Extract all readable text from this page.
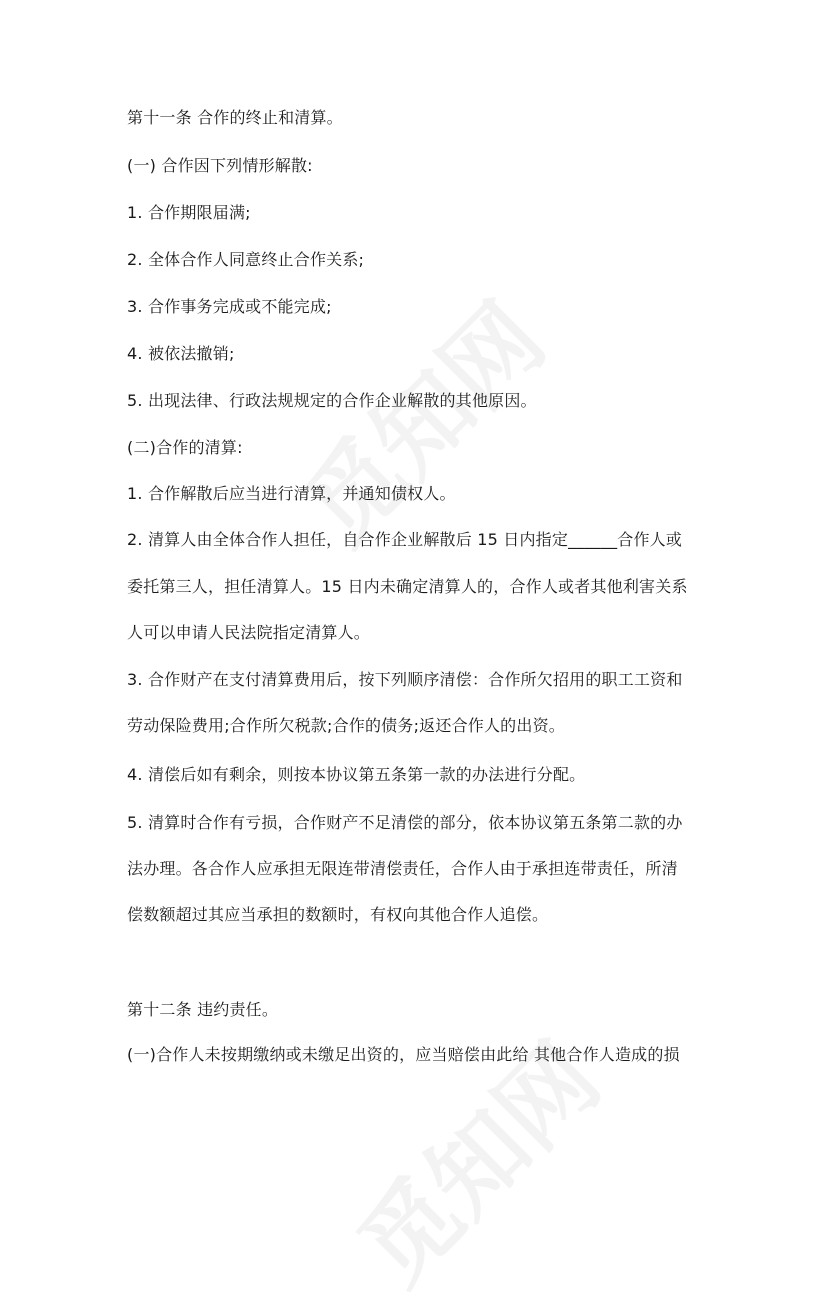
第十一条 合作的终止和清算。

(一) 合作因下列情形解散:

1. 合作期限届满;

2. 全体合作人同意终止合作关系;

3. 合作事务完成或不能完成;

4. 被依法撤销;

5. 出现法律、行政法规规定的合作企业解散的其他原因。

(二)合作的清算:

1. 合作解散后应当进行清算，并通知债权人。

2. 清算人由全体合作人担任，自合作企业解散后 15 日内指定______合作人或

委托第三人，担任清算人。15 日内未确定清算人的，合作人或者其他利害关系

人可以申请人民法院指定清算人。

3. 合作财产在支付清算费用后，按下列顺序清偿：合作所欠招用的职工工资和

劳动保险费用;合作所欠税款;合作的债务;返还合作人的出资。

4. 清偿后如有剩余，则按本协议第五条第一款的办法进行分配。

5. 清算时合作有亏损，合作财产不足清偿的部分，依本协议第五条第二款的办

法办理。各合作人应承担无限连带清偿责任，合作人由于承担连带责任，所清

偿数额超过其应当承担的数额时，有权向其他合作人追偿。

第十二条 违约责任。

(一)合作人未按期缴纳或未缴足出资的，应当赔偿由此给 其他合作人造成的损
